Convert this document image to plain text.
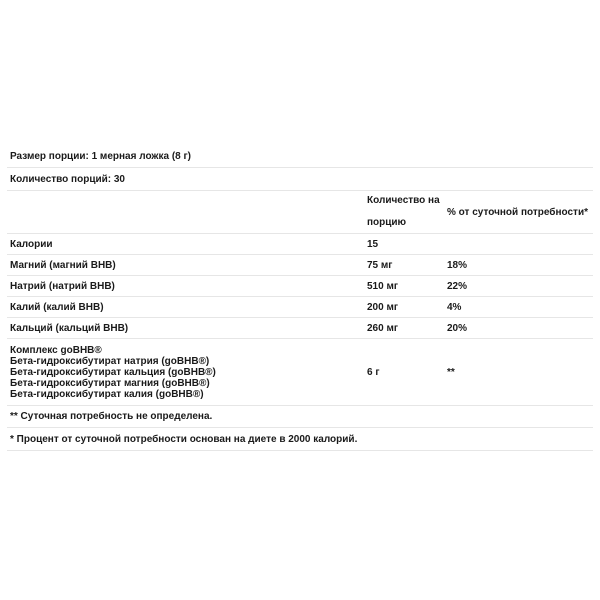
Размер порции: 1 мерная ложка (8 г)
Количество порций: 30
Количество на порцию
% от суточной потребности*
Калории	15
Магний (магний BHB)	75 мг	18%
Натрий (натрий BHB)	510 мг	22%
Калий (калий BHB)	200 мг	4%
Кальций (кальций BHB)	260 мг	20%
Комплекс goBHB®
Бета-гидроксибутират натрия (goBHB®)
Бета-гидроксибутират кальция (goBHB®)
Бета-гидроксибутират магния (goBHB®)
Бета-гидроксибутират калия (goBHB®)
6 г	**
** Суточная потребность не определена.
* Процент от суточной потребности основан на диете в 2000 калорий.
